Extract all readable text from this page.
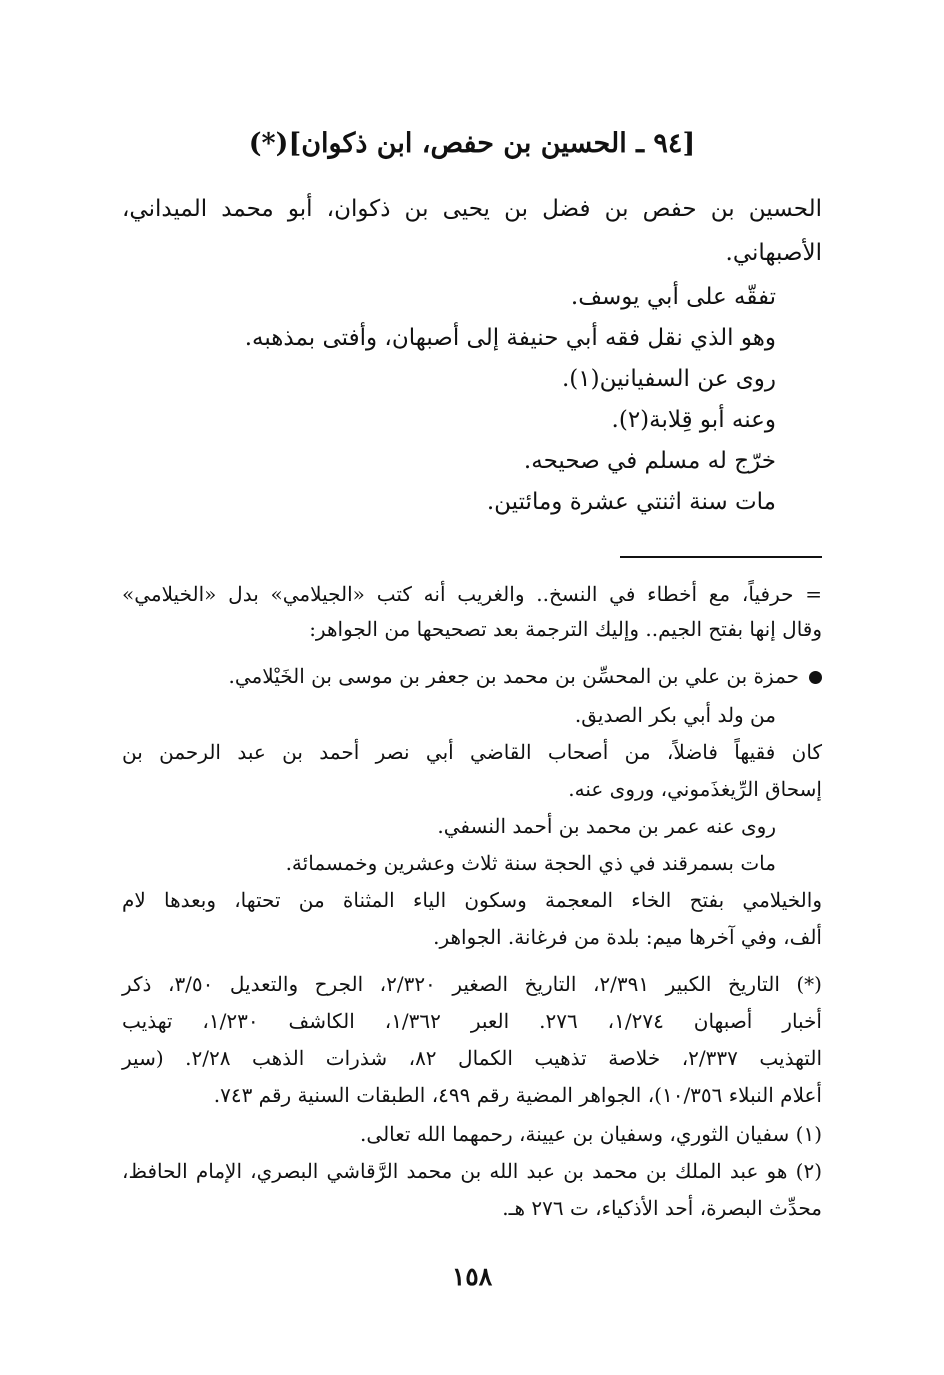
[٩٤ ـ الحسين بن حفص، ابن ذكوان](*)
الحسين بن حفص بن فضل بن يحيى بن ذكوان، أبو محمد الميداني،
الأصبهاني.
تفقّه على أبي يوسف.
وهو الذي نقل فقه أبي حنيفة إلى أصبهان، وأفتى بمذهبه.
روى عن السفيانين(١).
وعنه أبو قِلابة(٢).
خرّج له مسلم في صحيحه.
مات سنة اثنتي عشرة ومائتين.
= حرفياً، مع أخطاء في النسخ.. والغريب أنه كتب «الجيلامي» بدل «الخيلامي»
وقال إنها بفتح الجيم.. وإليك الترجمة بعد تصحيحها من الجواهر:
حمزة بن علي بن المحسِّن بن محمد بن جعفر بن موسى بن الخَيْلامي.
من ولد أبي بكر الصديق.
كان فقيهاً فاضلاً، من أصحاب القاضي أبي نصر أحمد بن عبد الرحمن بن
إسحاق الرِّيغذَموني، وروى عنه.
روى عنه عمر بن محمد بن أحمد النسفي.
مات بسمرقند في ذي الحجة سنة ثلاث وعشرين وخمسمائة.
والخيلامي بفتح الخاء المعجمة وسكون الياء المثناة من تحتها، وبعدها لام
ألف، وفي آخرها ميم: بلدة من فرغانة. الجواهر.
(*) التاريخ الكبير ٢/٣٩١، التاريخ الصغير ٢/٣٢٠، الجرح والتعديل ٣/٥٠، ذكر
أخبار أصبهان ١/٢٧٤، ٢٧٦. العبر ١/٣٦٢، الكاشف ١/٢٣٠، تهذيب
التهذيب ٢/٣٣٧، خلاصة تذهيب الكمال ٨٢، شذرات الذهب ٢/٢٨. (سير
أعلام النبلاء ١٠/٣٥٦)، الجواهر المضية رقم ٤٩٩، الطبقات السنية رقم ٧٤٣.
(١) سفيان الثوري، وسفيان بن عيينة، رحمهما الله تعالى.
(٢) هو عبد الملك بن محمد بن عبد الله بن محمد الرَّقاشي البصري، الإمام الحافظ،
محدِّث البصرة، أحد الأذكياء، ت ٢٧٦ هـ.
١٥٨
